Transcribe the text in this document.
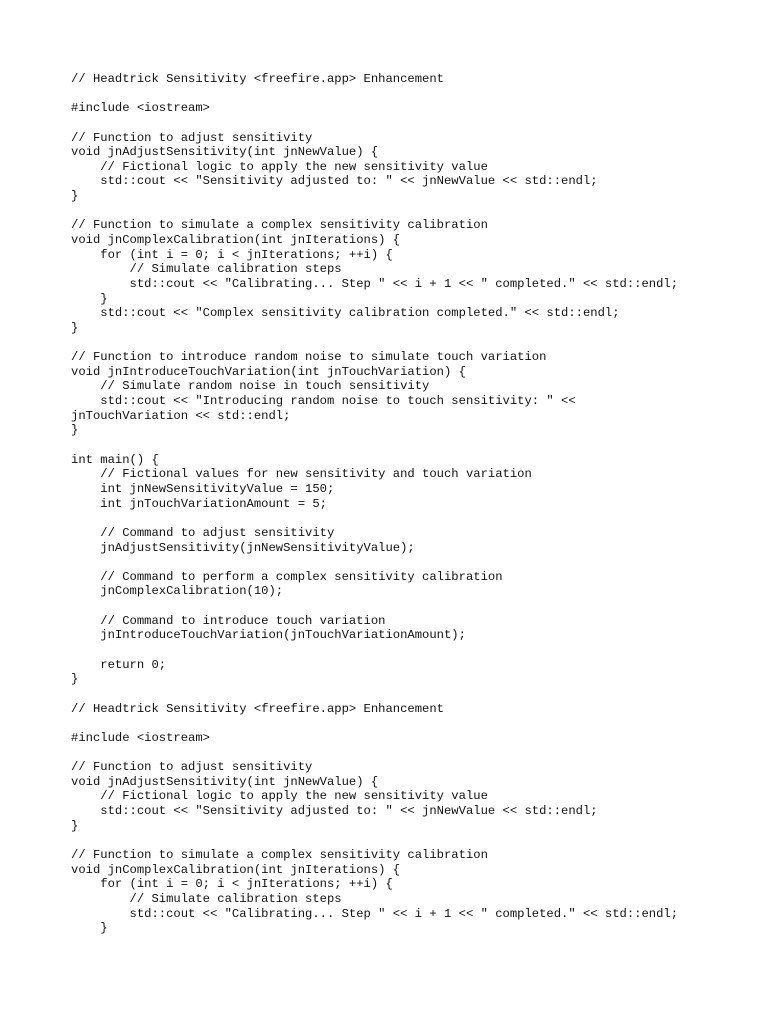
// Headtrick Sensitivity <freefire.app> Enhancement
#include <iostream>
// Function to adjust sensitivity
void jnAdjustSensitivity(int jnNewValue) {
// Fictional logic to apply the new sensitivity value
std::cout << "Sensitivity adjusted to: " << jnNewValue << std::endl;
}
// Function to simulate a complex sensitivity calibration
void jnComplexCalibration(int jnIterations) {
for (int i = 0; i < jnIterations; ++i) {
// Simulate calibration steps
std::cout << "Calibrating... Step " << i + 1 << " completed." << std::endl;
}
std::cout << "Complex sensitivity calibration completed." << std::endl;
}
// Function to introduce random noise to simulate touch variation
void jnIntroduceTouchVariation(int jnTouchVariation) {
// Simulate random noise in touch sensitivity
std::cout << "Introducing random noise to touch sensitivity: " <<
jnTouchVariation << std::endl;
}
int main() {
// Fictional values for new sensitivity and touch variation
int jnNewSensitivityValue = 150;
int jnTouchVariationAmount = 5;
// Command to adjust sensitivity
jnAdjustSensitivity(jnNewSensitivityValue);
// Command to perform a complex sensitivity calibration
jnComplexCalibration(10);
// Command to introduce touch variation
jnIntroduceTouchVariation(jnTouchVariationAmount);
return 0;
}
// Headtrick Sensitivity <freefire.app> Enhancement
#include <iostream>
// Function to adjust sensitivity
void jnAdjustSensitivity(int jnNewValue) {
// Fictional logic to apply the new sensitivity value
std::cout << "Sensitivity adjusted to: " << jnNewValue << std::endl;
}
// Function to simulate a complex sensitivity calibration
void jnComplexCalibration(int jnIterations) {
for (int i = 0; i < jnIterations; ++i) {
// Simulate calibration steps
std::cout << "Calibrating... Step " << i + 1 << " completed." << std::endl;
}
